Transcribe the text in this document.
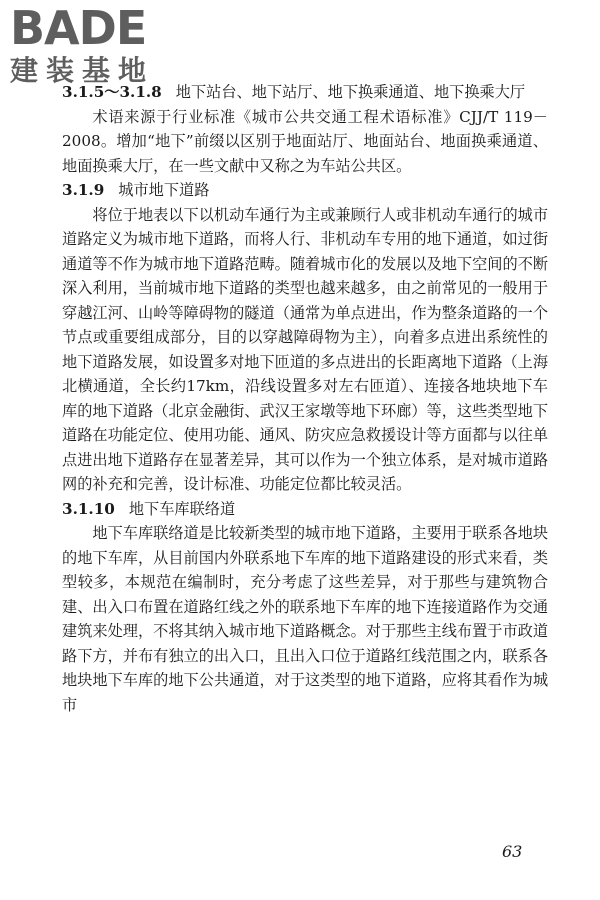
BADE
建装基地

3.1.5～3.1.8 地下站台、地下站厅、地下换乘通道、地下换乘大厅

术语来源于行业标准《城市公共交通工程术语标准》CJJ/T 119－2008。增加“地下”前缀以区别于地面站厅、地面站台、地面换乘通道、地面换乘大厅，在一些文献中又称之为车站公共区。

3.1.9 城市地下道路

将位于地表以下以机动车通行为主或兼顾行人或非机动车通行的城市道路定义为城市地下道路，而将人行、非机动车专用的地下通道，如过街通道等不作为城市地下道路范畴。随着城市化的发展以及地下空间的不断深入利用，当前城市地下道路的类型也越来越多，由之前常见的一般用于穿越江河、山岭等障碍物的隧道（通常为单点进出，作为整条道路的一个节点或重要组成部分，目的以穿越障碍物为主），向着多点进出系统性的地下道路发展，如设置多对地下匝道的多点进出的长距离地下道路（上海北横通道，全长约17km，沿线设置多对左右匝道）、连接各地块地下车库的地下道路（北京金融街、武汉王家墩等地下环廊）等，这些类型地下道路在功能定位、使用功能、通风、防灾应急救援设计等方面都与以往单点进出地下道路存在显著差异，其可以作为一个独立体系，是对城市道路网的补充和完善，设计标准、功能定位都比较灵活。

3.1.10 地下车库联络道

地下车库联络道是比较新类型的城市地下道路，主要用于联系各地块的地下车库，从目前国内外联系地下车库的地下道路建设的形式来看，类型较多，本规范在编制时，充分考虑了这些差异，对于那些与建筑物合建、出入口布置在道路红线之外的联系地下车库的地下连接道路作为交通建筑来处理，不将其纳入城市地下道路概念。对于那些主线布置于市政道路下方，并布有独立的出入口，且出入口位于道路红线范围之内，联系各地块地下车库的地下公共通道，对于这类型的地下道路，应将其看作为城市

63
